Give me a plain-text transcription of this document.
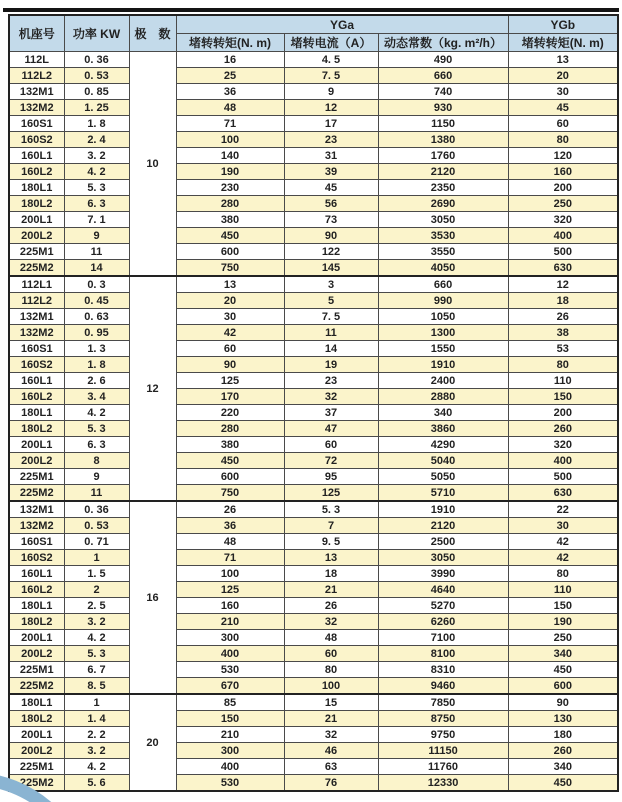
机座号	功率 KW	极　数	YGa			YGb
			堵转转矩(N. m)	堵转电流（A）	动态常数（kg. m²/h）	堵转转矩(N. m)
112L	0. 36	10	16	4. 5	490	13
112L2	0. 53		25	7. 5	660	20
132M1	0. 85		36	9	740	30
132M2	1. 25		48	12	930	45
160S1	1. 8		71	17	1150	60
160S2	2. 4		100	23	1380	80
160L1	3. 2		140	31	1760	120
160L2	4. 2		190	39	2120	160
180L1	5. 3		230	45	2350	200
180L2	6. 3		280	56	2690	250
200L1	7. 1		380	73	3050	320
200L2	9		450	90	3530	400
225M1	11		600	122	3550	500
225M2	14		750	145	4050	630
112L1	0. 3	12	13	3	660	12
112L2	0. 45		20	5	990	18
132M1	0. 63		30	7. 5	1050	26
132M2	0. 95		42	11	1300	38
160S1	1. 3		60	14	1550	53
160S2	1. 8		90	19	1910	80
160L1	2. 6		125	23	2400	110
160L2	3. 4		170	32	2880	150
180L1	4. 2		220	37	340	200
180L2	5. 3		280	47	3860	260
200L1	6. 3		380	60	4290	320
200L2	8		450	72	5040	400
225M1	9		600	95	5050	500
225M2	11		750	125	5710	630
132M1	0. 36	16	26	5. 3	1910	22
132M2	0. 53		36	7	2120	30
160S1	0. 71		48	9. 5	2500	42
160S2	1		71	13	3050	42
160L1	1. 5		100	18	3990	80
160L2	2		125	21	4640	110
180L1	2. 5		160	26	5270	150
180L2	3. 2		210	32	6260	190
200L1	4. 2		300	48	7100	250
200L2	5. 3		400	60	8100	340
225M1	6. 7		530	80	8310	450
225M2	8. 5		670	100	9460	600
180L1	1	20	85	15	7850	90
180L2	1. 4		150	21	8750	130
200L1	2. 2		210	32	9750	180
200L2	3. 2		300	46	11150	260
225M1	4. 2		400	63	11760	340
225M2	5. 6		530	76	12330	450
